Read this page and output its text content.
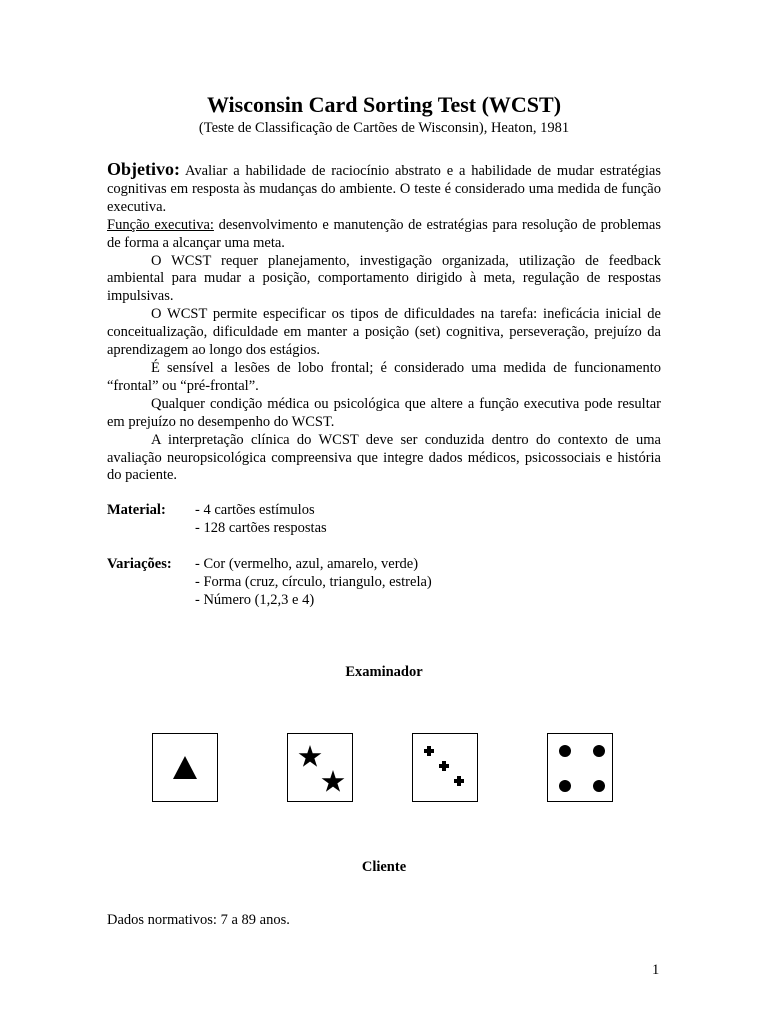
Wisconsin Card Sorting Test (WCST)
(Teste de Classificação de Cartões de Wisconsin), Heaton, 1981

Objetivo: Avaliar a habilidade de raciocínio abstrato e a habilidade de mudar estratégias cognitivas em resposta às mudanças do ambiente. O teste é considerado uma medida de função executiva.

Função executiva: desenvolvimento e manutenção de estratégias para resolução de problemas de forma a alcançar uma meta.

O WCST requer planejamento, investigação organizada, utilização de feedback ambiental para mudar a posição, comportamento dirigido à meta, regulação de respostas impulsivas.

O WCST permite especificar os tipos de dificuldades na tarefa: ineficácia inicial de conceitualização, dificuldade em manter a posição (set) cognitiva, perseveração, prejuízo da aprendizagem ao longo dos estágios.

É sensível a lesões de lobo frontal; é considerado uma medida de funcionamento “frontal” ou “pré-frontal”.

Qualquer condição médica ou psicológica que altere a função executiva pode resultar em prejuízo no desempenho do WCST.

A interpretação clínica do WCST deve ser conduzida dentro do contexto de uma avaliação neuropsicológica compreensiva que integre dados médicos, psicossociais e história do paciente.

Material: - 4 cartões estímulos
- 128 cartões respostas
Variações: - Cor (vermelho, azul, amarelo, verde)
- Forma (cruz, círculo, triangulo, estrela)
- Número (1,2,3 e 4)
Examinador
Cliente
Dados normativos: 7 a 89 anos.
1
